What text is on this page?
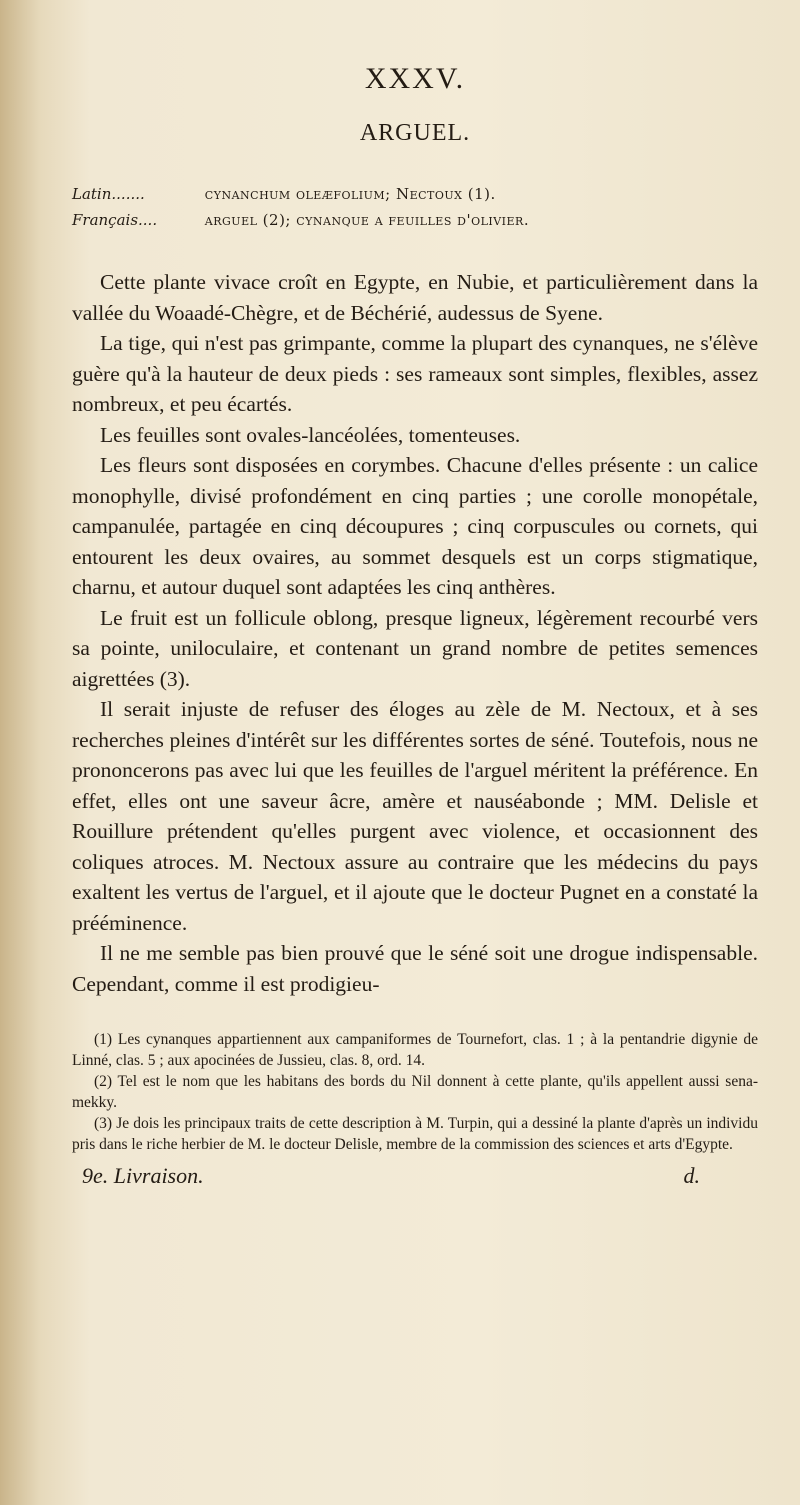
XXXV.
ARGUEL.
Latin.......	cynanchum oleæfolium; Nectoux (1).
Français....	arguel (2); cynanque a feuilles d'olivier.

Cette plante vivace croît en Egypte, en Nubie, et particulièrement dans la vallée du Woaadé-Chègre, et de Béchérié, audessus de Syene.

La tige, qui n'est pas grimpante, comme la plupart des cynanques, ne s'élève guère qu'à la hauteur de deux pieds : ses rameaux sont simples, flexibles, assez nombreux, et peu écartés.

Les feuilles sont ovales-lancéolées, tomenteuses.

Les fleurs sont disposées en corymbes. Chacune d'elles présente : un calice monophylle, divisé profondément en cinq parties ; une corolle monopétale, campanulée, partagée en cinq découpures ; cinq corpuscules ou cornets, qui entourent les deux ovaires, au sommet desquels est un corps stigmatique, charnu, et autour duquel sont adaptées les cinq anthères.

Le fruit est un follicule oblong, presque ligneux, légèrement recourbé vers sa pointe, uniloculaire, et contenant un grand nombre de petites semences aigrettées (3).

Il serait injuste de refuser des éloges au zèle de M. Nectoux, et à ses recherches pleines d'intérêt sur les différentes sortes de séné. Toutefois, nous ne prononcerons pas avec lui que les feuilles de l'arguel méritent la préférence. En effet, elles ont une saveur âcre, amère et nauséabonde ; MM. Delisle et Rouillure prétendent qu'elles purgent avec violence, et occasionnent des coliques atroces. M. Nectoux assure au contraire que les médecins du pays exaltent les vertus de l'arguel, et il ajoute que le docteur Pugnet en a constaté la prééminence.

Il ne me semble pas bien prouvé que le séné soit une drogue indispensable. Cependant, comme il est prodigieu-

(1) Les cynanques appartiennent aux campaniformes de Tournefort, clas. 1 ; à la pentandrie digynie de Linné, clas. 5 ; aux apocinées de Jussieu, clas. 8, ord. 14.

(2) Tel est le nom que les habitans des bords du Nil donnent à cette plante, qu'ils appellent aussi sena-mekky.

(3) Je dois les principaux traits de cette description à M. Turpin, qui a dessiné la plante d'après un individu pris dans le riche herbier de M. le docteur Delisle, membre de la commission des sciences et arts d'Egypte.

9e. Livraison.	d.
